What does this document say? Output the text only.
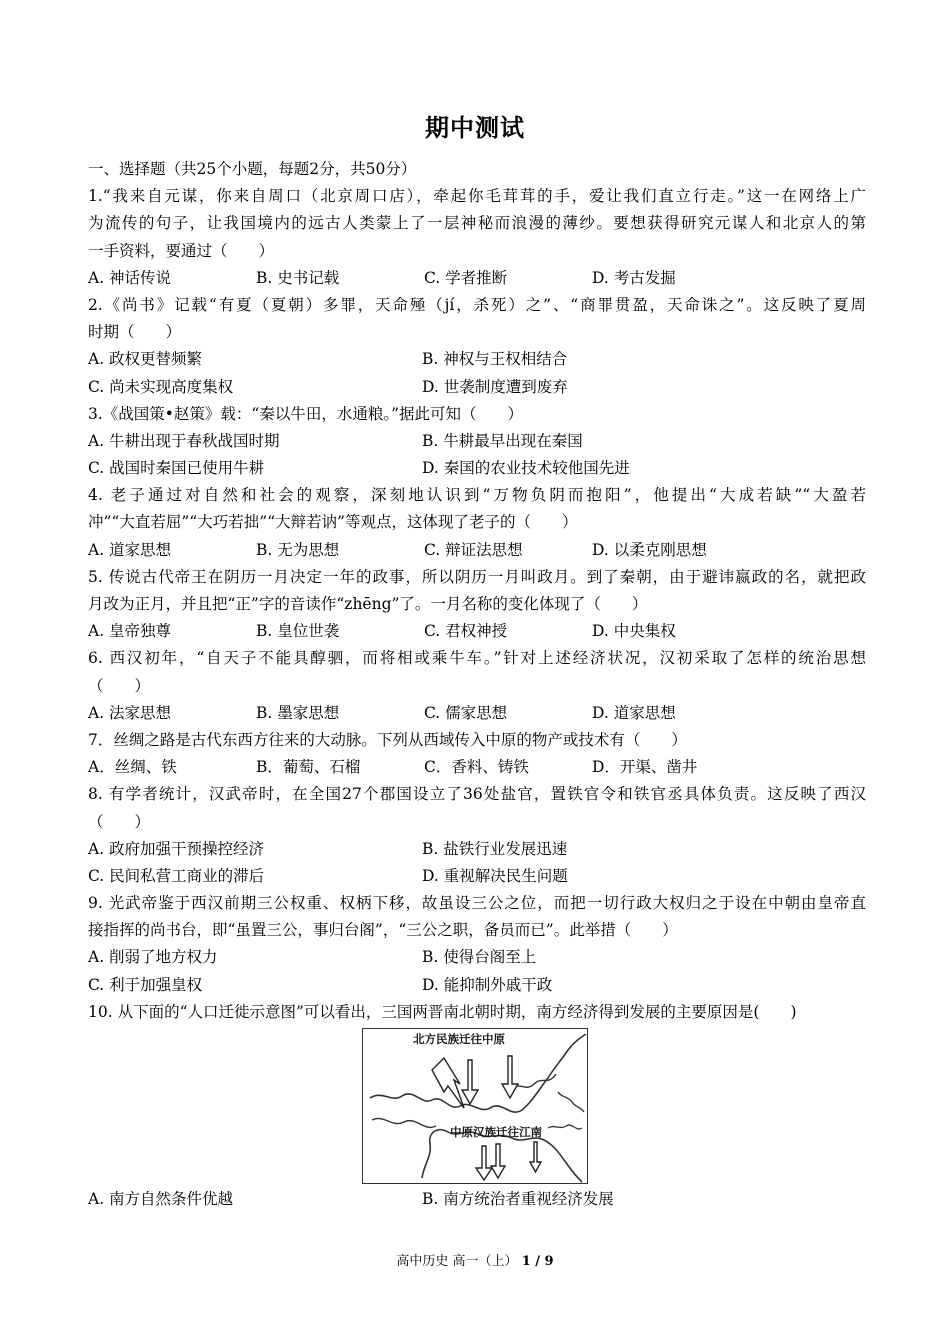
期中测试
一、选择题（共25个小题，每题2分，共50分）
1.“我来自元谋，你来自周口（北京周口店），牵起你毛茸茸的手，爱让我们直立行走。”这一在网络上广
为流传的句子，让我国境内的远古人类蒙上了一层神秘而浪漫的薄纱。要想获得研究元谋人和北京人的第
一手资料，要通过（　　）
A. 神话传说	B. 史书记载	C. 学者推断	D. 考古发掘
2.《尚书》记载“有夏（夏朝）多罪，天命殛（jí，杀死）之”、“商罪贯盈，天命诛之”。这反映了夏周
时期（　　）
A. 政权更替频繁	B. 神权与王权相结合
C. 尚未实现高度集权	D. 世袭制度遭到废弃
3.《战国策•赵策》载：“秦以牛田，水通粮。”据此可知（　　）
A. 牛耕出现于春秋战国时期	B. 牛耕最早出现在秦国
C. 战国时秦国已使用牛耕	D. 秦国的农业技术较他国先进
4. 老子通过对自然和社会的观察，深刻地认识到“万物负阴而抱阳”，他提出“大成若缺”“大盈若
冲”“大直若屈”“大巧若拙”“大辩若讷”等观点，这体现了老子的（　　）
A. 道家思想	B. 无为思想	C. 辩证法思想	D. 以柔克刚思想
5. 传说古代帝王在阴历一月决定一年的政事，所以阴历一月叫政月。到了秦朝，由于避讳嬴政的名，就把政
月改为正月，并且把“正”字的音读作“zhēng”了。一月名称的变化体现了（　　）
A. 皇帝独尊	B. 皇位世袭	C. 君权神授	D. 中央集权
6. 西汉初年，“自天子不能具醇驷，而将相或乘牛车。”针对上述经济状况，汉初采取了怎样的统治思想
（　　）
A. 法家思想	B. 墨家思想	C. 儒家思想	D. 道家思想
7．丝绸之路是古代东西方往来的大动脉。下列从西域传入中原的物产或技术有（　　）
A．丝绸、铁	B．葡萄、石榴	C．香料、铸铁	D．开渠、凿井
8. 有学者统计，汉武帝时，在全国27个郡国设立了36处盐官，置铁官令和铁官丞具体负责。这反映了西汉
（　　）
A. 政府加强干预操控经济	B. 盐铁行业发展迅速
C. 民间私营工商业的滞后	D. 重视解决民生问题
9. 光武帝鉴于西汉前期三公权重、权柄下移，故虽设三公之位，而把一切行政大权归之于设在中朝由皇帝直
接指挥的尚书台，即“虽置三公，事归台阁”，“三公之职，备员而已”。此举措（　　）
A. 削弱了地方权力	B. 使得台阁至上
C. 利于加强皇权	D. 能抑制外戚干政
10. 从下面的“人口迁徙示意图”可以看出，三国两晋南北朝时期，南方经济得到发展的主要原因是(　　)
北方民族迁往中原
中原汉族迁往江南
A. 南方自然条件优越	B. 南方统治者重视经济发展
高中历史 高一（上） 1 / 9
